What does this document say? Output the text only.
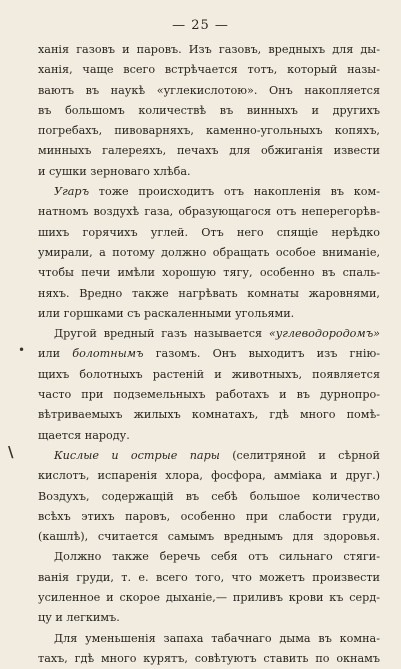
— 25 —
ханія газовъ и паровъ. Изъ газовъ, вредныхъ для ды-
ханія, чаще всего встрѣчается тотъ, который назы-
ваютъ въ наукѣ «углекислотою». Онъ накопляется
въ большомъ количествѣ въ винныхъ и другихъ
погребахъ, пивоварняхъ, каменно-угольныхъ копяхъ,
минныхъ галереяхъ, печахъ для обжиганія извести
и сушки зерноваго хлѣба.
Угаръ тоже происходитъ отъ накопленія въ ком-
натномъ воздухѣ газа, образующагося отъ неперегорѣв-
шихъ горячихъ углей. Отъ него спящіе нерѣдко
умирали, а потому должно обращать особое вниманіе,
чтобы печи имѣли хорошую тягу, особенно въ спаль-
няхъ. Вредно также нагрѣвать комнаты жаровнями,
или горшками съ раскаленными угольями.
Другой вредный газъ называется «углеводородомъ»
или болотнымъ газомъ. Онъ выходитъ изъ гнію-
щихъ болотныхъ растеній и животныхъ, появляется
часто при подземельныхъ работахъ и въ дурнопро-
вѣтриваемыхъ жилыхъ комнатахъ, гдѣ много помѣ-
щается народу.
Кислые и острые пары (селитряной и сѣрной
кислотъ, испаренія хлора, фосфора, амміака и друг.)
Воздухъ, содержащій въ себѣ большое количество
всѣхъ этихъ паровъ, особенно при слабости груди,
(кашлѣ), считается самымъ вреднымъ для здоровья.
Должно также беречь себя отъ сильнаго стяги-
ванія груди, т. е. всего того, что можетъ произвести
усиленное и скорое дыханіе,— приливъ крови къ серд-
цу и легкимъ.
Для уменьшенія запаха табачнаго дыма въ комна-
тахъ, гдѣ много курятъ, совѣтуютъ ставить по окнамъ
•
\
